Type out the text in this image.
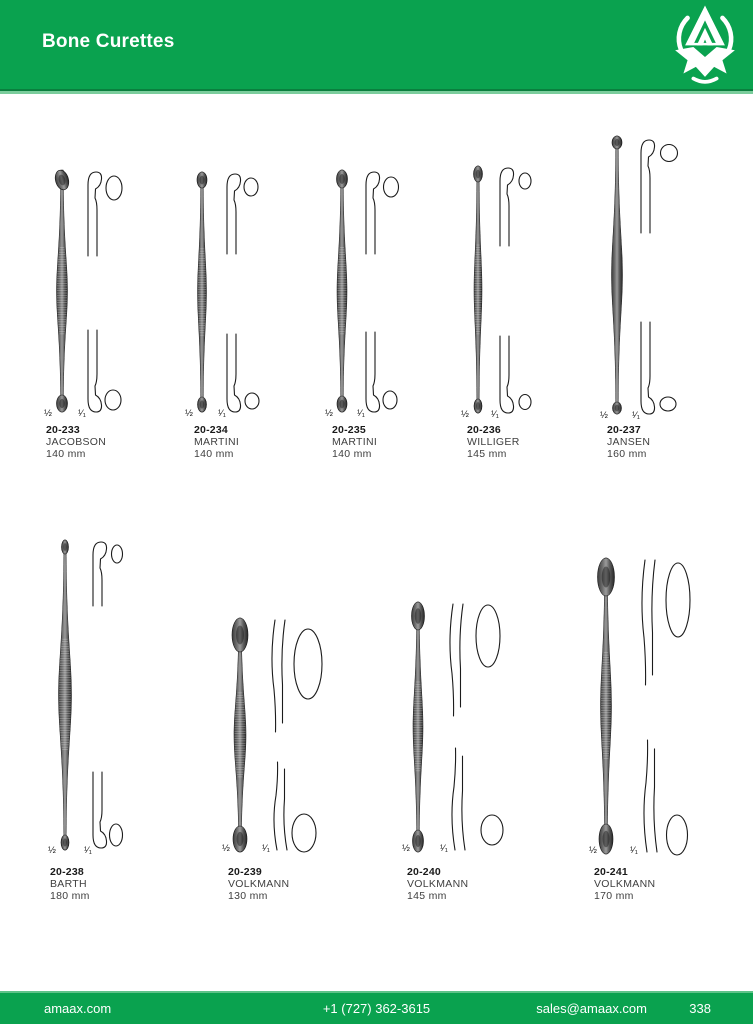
Bone Curettes
½	¹⁄₁	½	¹⁄₁	½	¹⁄₁	½ ¹⁄₁	½	¹⁄₁
½	¹⁄₁	½	¹⁄₁	½	¹⁄₁	½	¹⁄₁
20-233
JACOBSON
140 mm
20-234
MARTINI
140 mm
20-235
MARTINI
140 mm
20-236
WILLIGER
145 mm
20-237
JANSEN
160 mm
20-238
BARTH
180 mm
20-239
VOLKMANN
130 mm
20-240
VOLKMANN
145 mm
20-241
VOLKMANN
170 mm
amaax.com	+1 (727) 362-3615	sales@amaax.com	338
